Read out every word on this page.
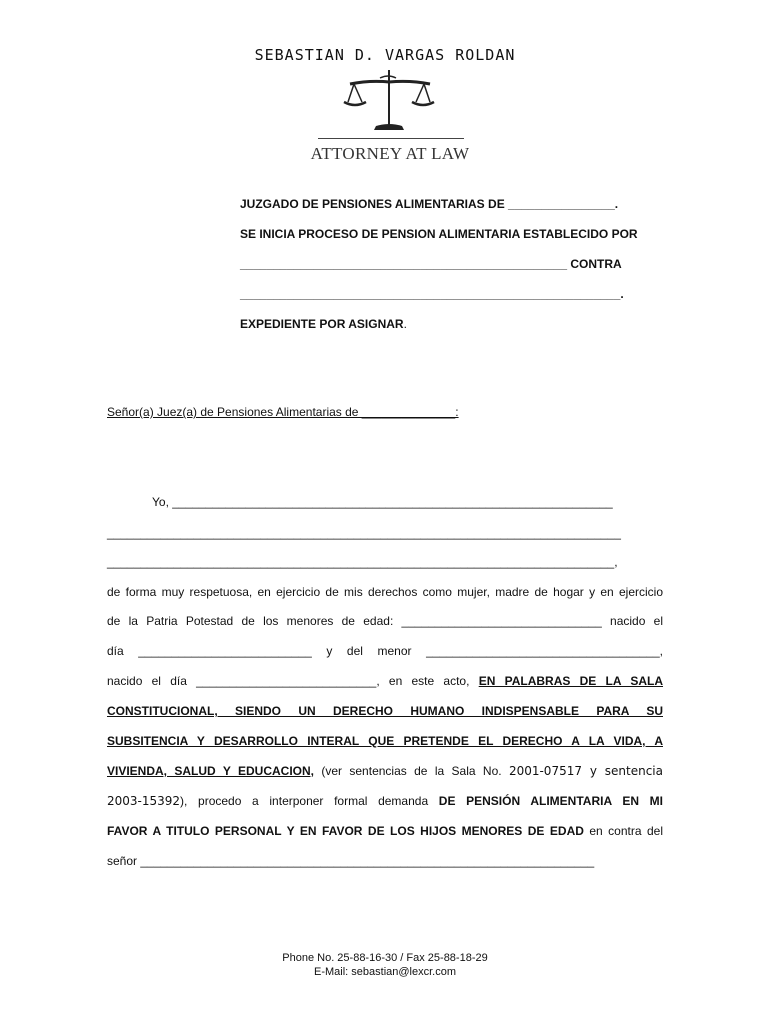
SEBASTIAN D. VARGAS ROLDAN
ATTORNEY AT LAW
JUZGADO DE PENSIONES ALIMENTARIAS DE ________________.
SE INICIA PROCESO DE PENSION ALIMENTARIA ESTABLECIDO POR
_________________________________________________ CONTRA
_________________________________________________________.
EXPEDIENTE POR ASIGNAR.
Señor(a) Juez(a) de Pensiones Alimentarias de ______________:
Yo, __________________________________________________________________
_____________________________________________________________________________
____________________________________________________________________________,
de forma muy respetuosa, en ejercicio de mis derechos como mujer, madre de hogar y en ejercicio
de la Patria Potestad de los menores de edad: ______________________________ nacido el
día __________________________ y del menor ___________________________________,
nacido el día ___________________________, en este acto, EN PALABRAS DE LA SALA
CONSTITUCIONAL, SIENDO UN DERECHO HUMANO INDISPENSABLE PARA SU
SUBSITENCIA Y DESARROLLO INTERAL QUE PRETENDE EL DERECHO A LA VIDA, A
VIVIENDA, SALUD Y EDUCACION, (ver sentencias de la Sala No. 2001-07517 y sentencia
2003-15392), procedo a interponer formal demanda DE PENSIÓN ALIMENTARIA EN MI
FAVOR A TITULO PERSONAL Y EN FAVOR DE LOS HIJOS MENORES DE EDAD en contra del
señor ____________________________________________________________________
Phone No. 25-88-16-30 / Fax 25-88-18-29
E-Mail: sebastian@lexcr.com
